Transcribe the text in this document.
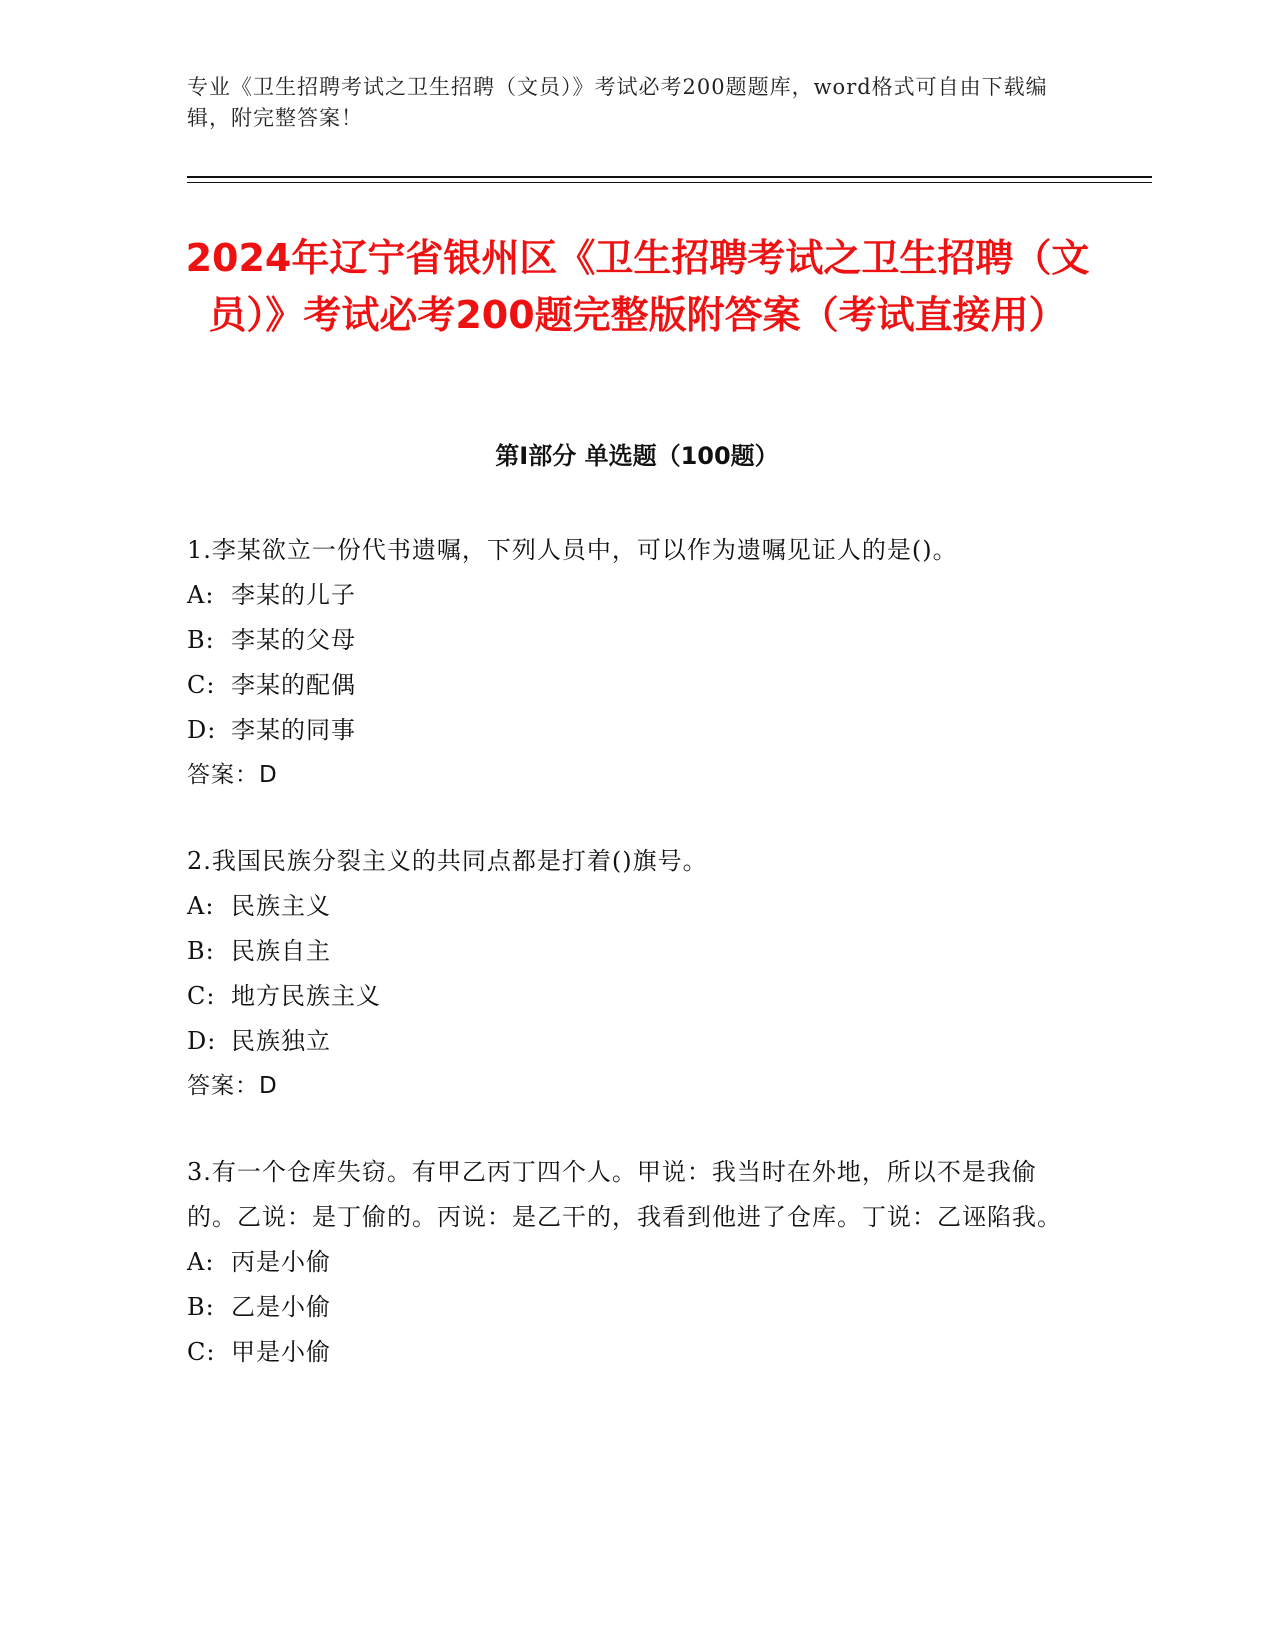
专业《卫生招聘考试之卫生招聘（文员）》考试必考200题题库，word格式可自由下载编辑，附完整答案！
2024年辽宁省银州区《卫生招聘考试之卫生招聘（文员）》考试必考200题完整版附答案（考试直接用）
第I部分 单选题（100题）
1.李某欲立一份代书遗嘱，下列人员中，可以作为遗嘱见证人的是()。
A: 李某的儿子
B: 李某的父母
C: 李某的配偶
D: 李某的同事
答案：D
2.我国民族分裂主义的共同点都是打着()旗号。
A: 民族主义
B: 民族自主
C: 地方民族主义
D: 民族独立
答案：D
3.有一个仓库失窃。有甲乙丙丁四个人。甲说：我当时在外地，所以不是我偷的。乙说：是丁偷的。丙说：是乙干的，我看到他进了仓库。丁说：乙诬陷我。
A: 丙是小偷
B: 乙是小偷
C: 甲是小偷
